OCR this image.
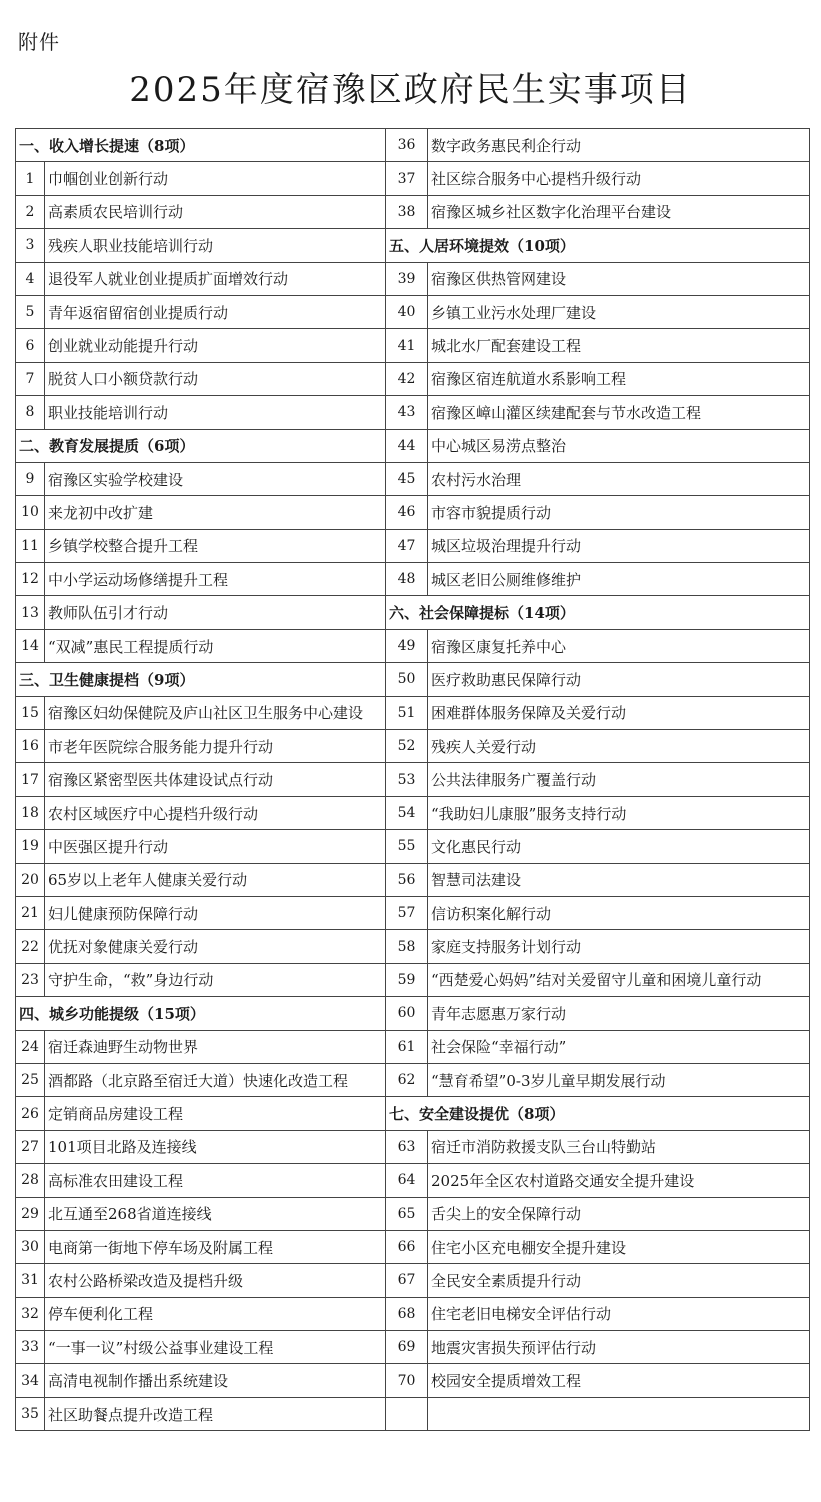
附件
2025年度宿豫区政府民生实事项目
一、收入增长提速（8项）		36	数字政务惠民利企行动
1	巾帼创业创新行动	37	社区综合服务中心提档升级行动
2	高素质农民培训行动	38	宿豫区城乡社区数字化治理平台建设
3	残疾人职业技能培训行动	五、人居环境提效（10项）	
4	退役军人就业创业提质扩面增效行动	39	宿豫区供热管网建设
5	青年返宿留宿创业提质行动	40	乡镇工业污水处理厂建设
6	创业就业动能提升行动	41	城北水厂配套建设工程
7	脱贫人口小额贷款行动	42	宿豫区宿连航道水系影响工程
8	职业技能培训行动	43	宿豫区嶂山灌区续建配套与节水改造工程
二、教育发展提质（6项）		44	中心城区易涝点整治
9	宿豫区实验学校建设	45	农村污水治理
10	来龙初中改扩建	46	市容市貌提质行动
11	乡镇学校整合提升工程	47	城区垃圾治理提升行动
12	中小学运动场修缮提升工程	48	城区老旧公厕维修维护
13	教师队伍引才行动	六、社会保障提标（14项）	
14	“双减”惠民工程提质行动	49	宿豫区康复托养中心
三、卫生健康提档（9项）		50	医疗救助惠民保障行动
15	宿豫区妇幼保健院及庐山社区卫生服务中心建设	51	困难群体服务保障及关爱行动
16	市老年医院综合服务能力提升行动	52	残疾人关爱行动
17	宿豫区紧密型医共体建设试点行动	53	公共法律服务广覆盖行动
18	农村区域医疗中心提档升级行动	54	“我助妇儿康服”服务支持行动
19	中医强区提升行动	55	文化惠民行动
20	65岁以上老年人健康关爱行动	56	智慧司法建设
21	妇儿健康预防保障行动	57	信访积案化解行动
22	优抚对象健康关爱行动	58	家庭支持服务计划行动
23	守护生命，“救”身边行动	59	“西楚爱心妈妈”结对关爱留守儿童和困境儿童行动
四、城乡功能提级（15项）		60	青年志愿惠万家行动
24	宿迁森迪野生动物世界	61	社会保险“幸福行动”
25	酒都路（北京路至宿迁大道）快速化改造工程	62	“慧育希望”0-3岁儿童早期发展行动
26	定销商品房建设工程	七、安全建设提优（8项）	
27	101项目北路及连接线	63	宿迁市消防救援支队三台山特勤站
28	高标准农田建设工程	64	2025年全区农村道路交通安全提升建设
29	北互通至268省道连接线	65	舌尖上的安全保障行动
30	电商第一街地下停车场及附属工程	66	住宅小区充电棚安全提升建设
31	农村公路桥梁改造及提档升级	67	全民安全素质提升行动
32	停车便利化工程	68	住宅老旧电梯安全评估行动
33	“一事一议”村级公益事业建设工程	69	地震灾害损失预评估行动
34	高清电视制作播出系统建设	70	校园安全提质增效工程
35	社区助餐点提升改造工程		
